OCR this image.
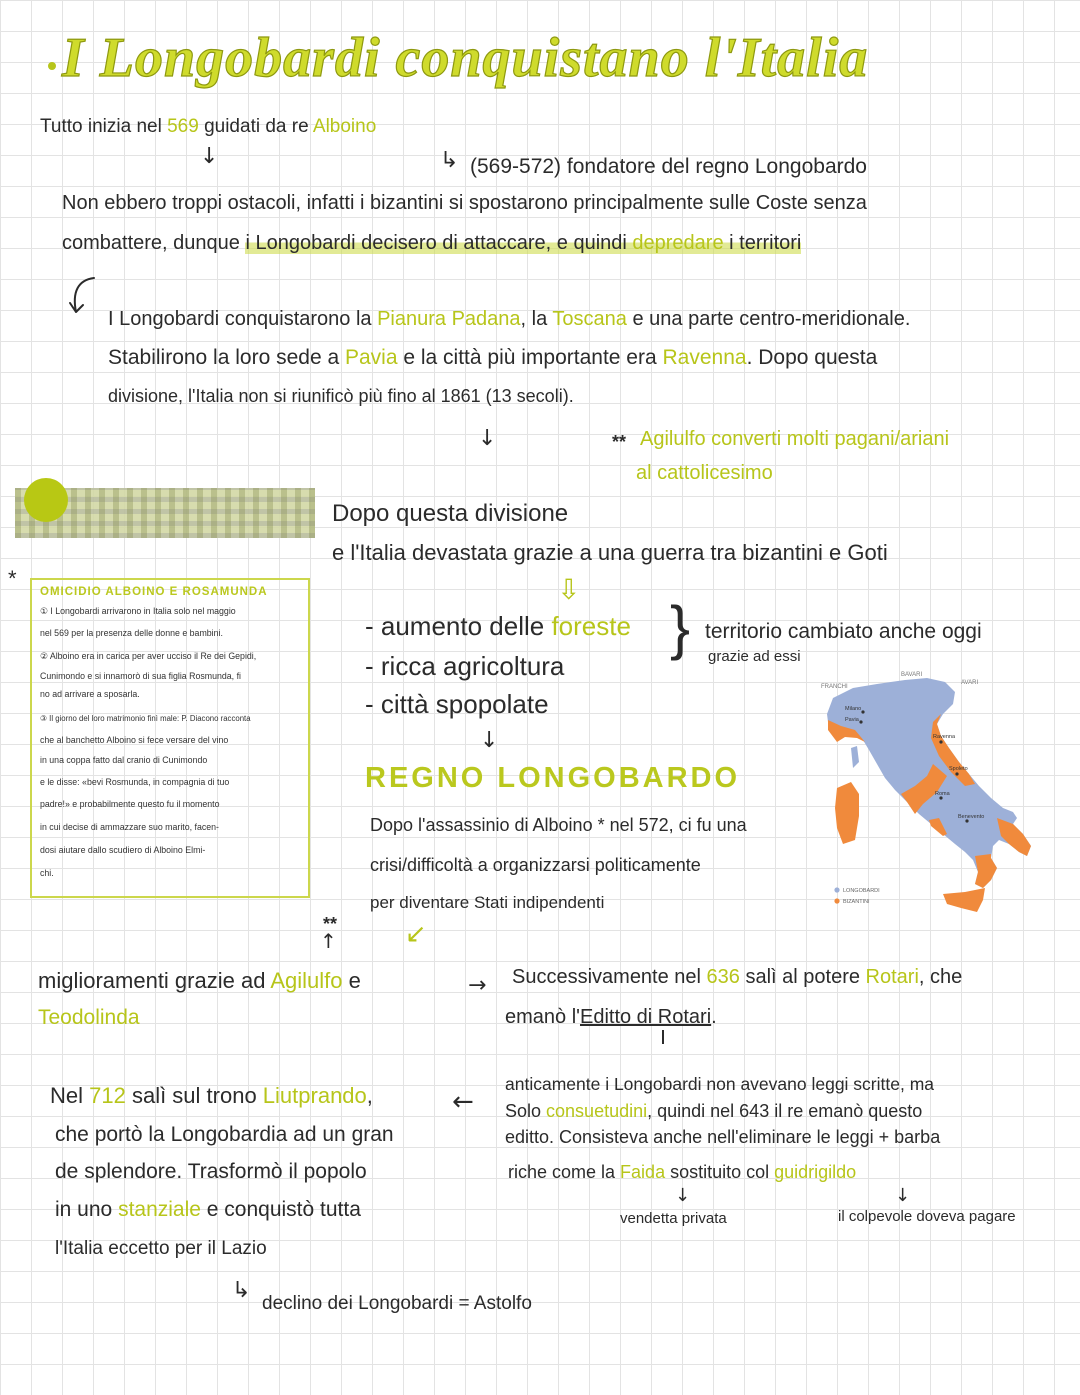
I Longobardi conquistano l'Italia
Tutto inizia nel 569 guidati da re Alboino
↓	↳ (569-572) fondatore del regno Longobardo
Non ebbero troppi ostacoli, infatti i bizantini si spostarono principalmente sulle Coste senza
combattere, dunque i Longobardi decisero di attaccare, e quindi depredare i territori
I Longobardi conquistarono la Pianura Padana, la Toscana e una parte centro-meridionale.
Stabilirono la loro sede a Pavia e la città più importante era Ravenna. Dopo questa
divisione, l'Italia non si riunificò più fino al 1861 (13 secoli).
↓	** Agilulfo converti molti pagani/ariani
al cattolicesimo
Dopo questa divisione
e l'Italia devastata grazie a una guerra tra bizantini e Goti
⇩
- aumento delle foreste
- ricca agricoltura
- città spopolate
} territorio cambiato anche oggi
grazie ad essi
↓
REGNO LONGOBARDO
Dopo l'assassinio di Alboino * nel 572, ci fu una
crisi/difficoltà a organizzarsi politicamente
per diventare Stati indipendenti
*
OMICIDIO ALBOINO E ROSAMUNDA
① I Longobardi arrivarono in Italia solo nel maggio
nel 569 per la presenza delle donne e bambini.
② Alboino era in carica per aver ucciso il Re dei Gepidi,
Cunimondo e si innamorò di sua figlia Rosmunda, fi
no ad arrivare a sposarla.
③ Il giorno del loro matrimonio finì male: P. Diacono racconta
che al banchetto Alboino si fece versare del vino
in una coppa fatto dal cranio di Cunimondo
e le disse: «bevi Rosmunda, in compagnia di tuo
padre!» e probabilmente questo fu il momento
in cui decise di ammazzare suo marito, facen-
dosi aiutare dallo scudiero di Alboino Elmi-
chi.
FRANCHI
BAVARI
AVARI
Milano
Pavia
Ravenna
Spoleto
Roma
Benevento
LONGOBARDI
BIZANTINI
**
↑	↙
miglioramenti grazie ad Agilulfo e
Teodolinda
→ Successivamente nel 636 salì al potere Rotari, che
emanò l'Editto di Rotari.
anticamente i Longobardi non avevano leggi scritte, ma
Solo consuetudini, quindi nel 643 il re emanò questo
editto. Consisteva anche nell'eliminare le leggi + barba
riche come la Faida sostituito col guidrigildo
↓	↓
vendetta privata	il colpevole doveva pagare
Nel 712 salì sul trono Liutprando,	←
che portò la Longobardia ad un gran
de splendore. Trasformò il popolo
in uno stanziale e conquistò tutta
l'Italia eccetto per il Lazio
↳
declino dei Longobardi = Astolfo
